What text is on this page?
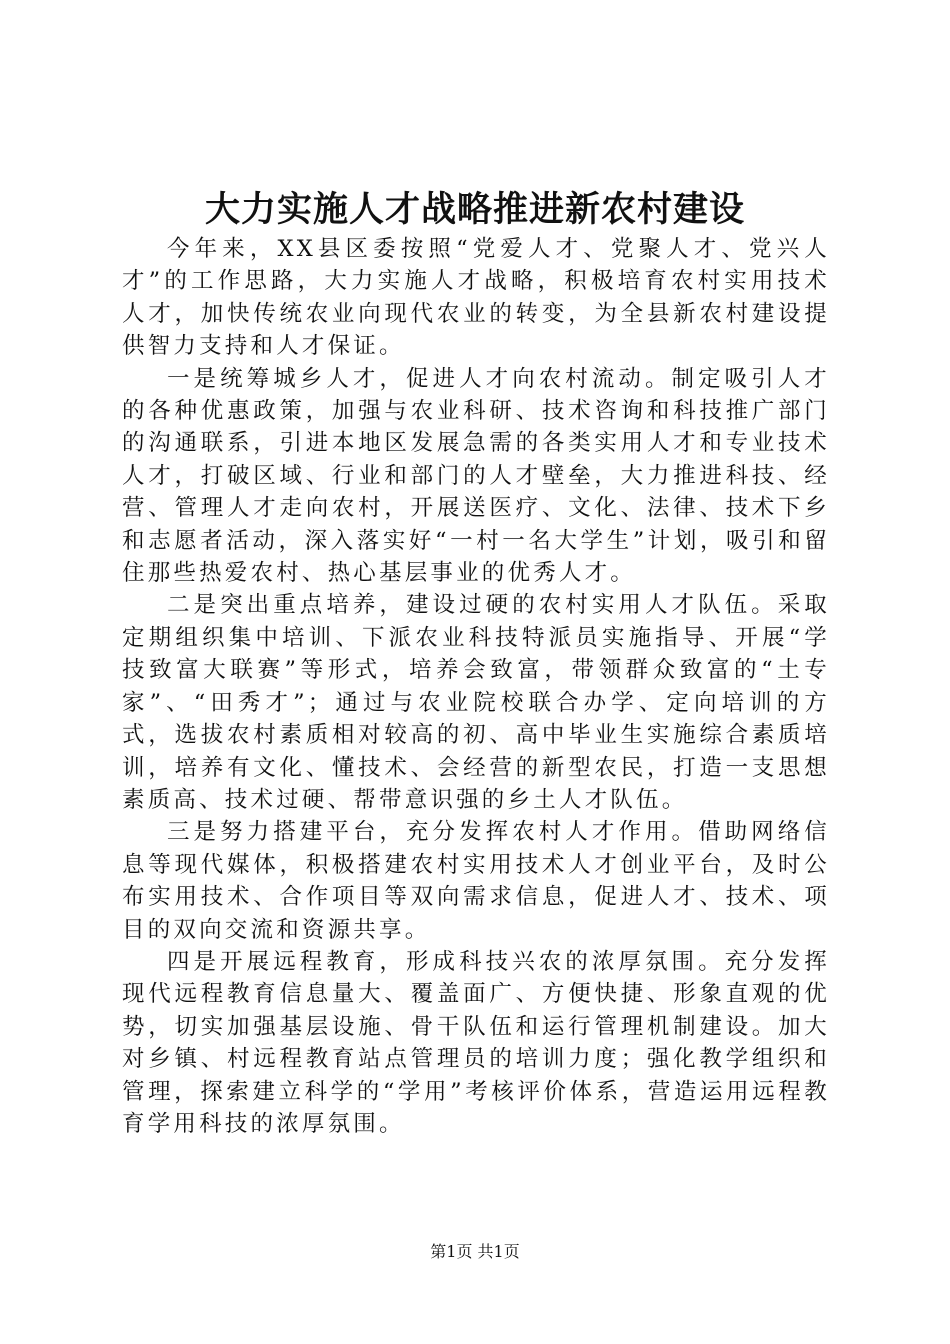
大力实施人才战略推进新农村建设

今年来，XX县区委按照“党爱人才、党聚人才、党兴人才”的工作思路，大力实施人才战略，积极培育农村实用技术人才，加快传统农业向现代农业的转变，为全县新农村建设提供智力支持和人才保证。

一是统筹城乡人才，促进人才向农村流动。制定吸引人才的各种优惠政策，加强与农业科研、技术咨询和科技推广部门的沟通联系，引进本地区发展急需的各类实用人才和专业技术人才，打破区域、行业和部门的人才壁垒，大力推进科技、经营、管理人才走向农村，开展送医疗、文化、法律、技术下乡和志愿者活动，深入落实好“一村一名大学生”计划，吸引和留住那些热爱农村、热心基层事业的优秀人才。

二是突出重点培养，建设过硬的农村实用人才队伍。采取定期组织集中培训、下派农业科技特派员实施指导、开展“学技致富大联赛”等形式，培养会致富，带领群众致富的“土专家”、“田秀才”；通过与农业院校联合办学、定向培训的方式，选拔农村素质相对较高的初、高中毕业生实施综合素质培训，培养有文化、懂技术、会经营的新型农民，打造一支思想素质高、技术过硬、帮带意识强的乡土人才队伍。

三是努力搭建平台，充分发挥农村人才作用。借助网络信息等现代媒体，积极搭建农村实用技术人才创业平台，及时公布实用技术、合作项目等双向需求信息，促进人才、技术、项目的双向交流和资源共享。

四是开展远程教育，形成科技兴农的浓厚氛围。充分发挥现代远程教育信息量大、覆盖面广、方便快捷、形象直观的优势，切实加强基层设施、骨干队伍和运行管理机制建设。加大对乡镇、村远程教育站点管理员的培训力度；强化教学组织和管理，探索建立科学的“学用”考核评价体系，营造运用远程教育学用科技的浓厚氛围。

第1页 共1页
